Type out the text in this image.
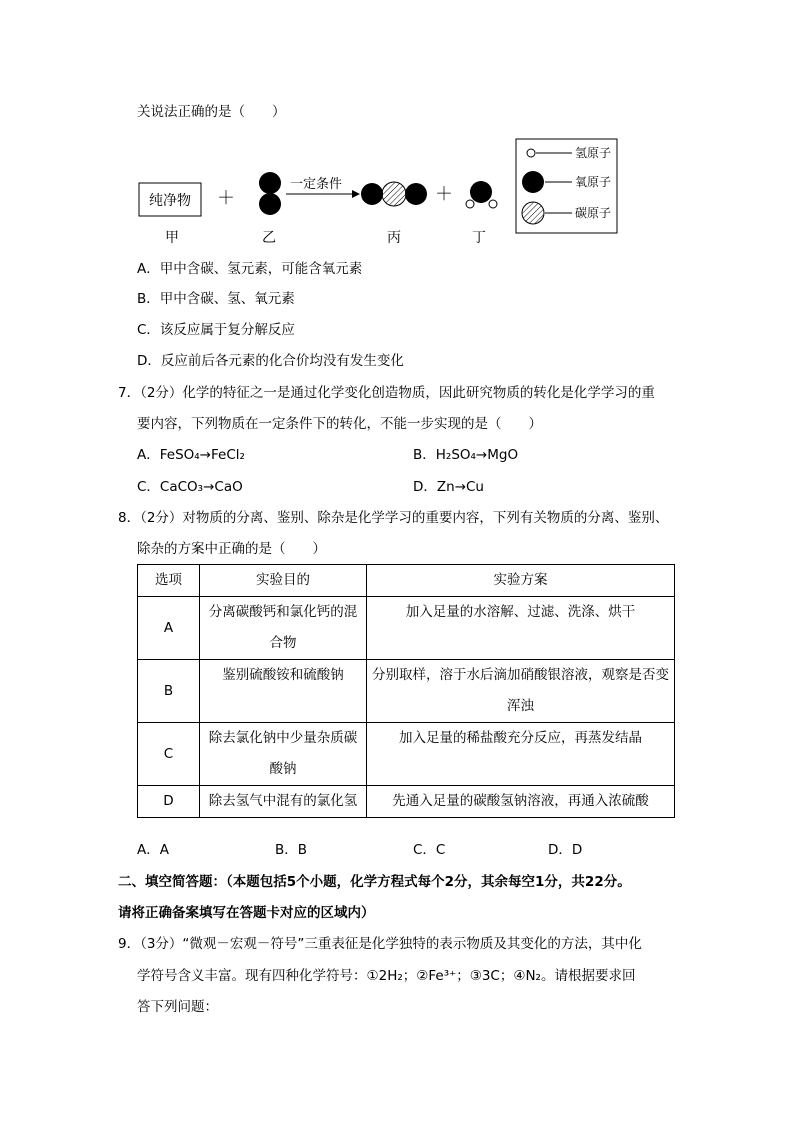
关说法正确的是（　　）
纯净物 ＋
一定条件	＋
甲	乙	丙	丁
氢原子
氧原子
碳原子
A．甲中含碳、氢元素，可能含氧元素
B．甲中含碳、氢、氧元素
C．该反应属于复分解反应
D．反应前后各元素的化合价均没有发生变化
7．（2分）化学的特征之一是通过化学变化创造物质，因此研究物质的转化是化学学习的重
要内容，下列物质在一定条件下的转化，不能一步实现的是（　　）
A．FeSO₄→FeCl₂	B．H₂SO₄→MgO
C．CaCO₃→CaO	D．Zn→Cu
8．（2分）对物质的分离、鉴别、除杂是化学学习的重要内容，下列有关物质的分离、鉴别、
除杂的方案中正确的是（　　）
选项	实验目的	实验方案
A	分离碳酸钙和氯化钙的混
合物	加入足量的水溶解、过滤、洗涤、烘干

B	鉴别硫酸铵和硫酸钠	分别取样，溶于水后滴加硝酸银溶液，观察是否变
浑浊

C	除去氯化钠中少量杂质碳
酸钠	加入足量的稀盐酸充分反应，再蒸发结晶

D	除去氢气中混有的氯化氢	先通入足量的碳酸氢钠溶液，再通入浓硫酸
A．A	B．B	C．C	D．D
二、填空简答题：（本题包括5个小题，化学方程式每个2分，其余每空1分，共22分。
请将正确备案填写在答题卡对应的区域内）
9．（3分）“微观－宏观－符号”三重表征是化学独特的表示物质及其变化的方法，其中化
学符号含义丰富。现有四种化学符号：①2H₂；②Fe³⁺；③3C；④N₂。请根据要求回
答下列问题：
